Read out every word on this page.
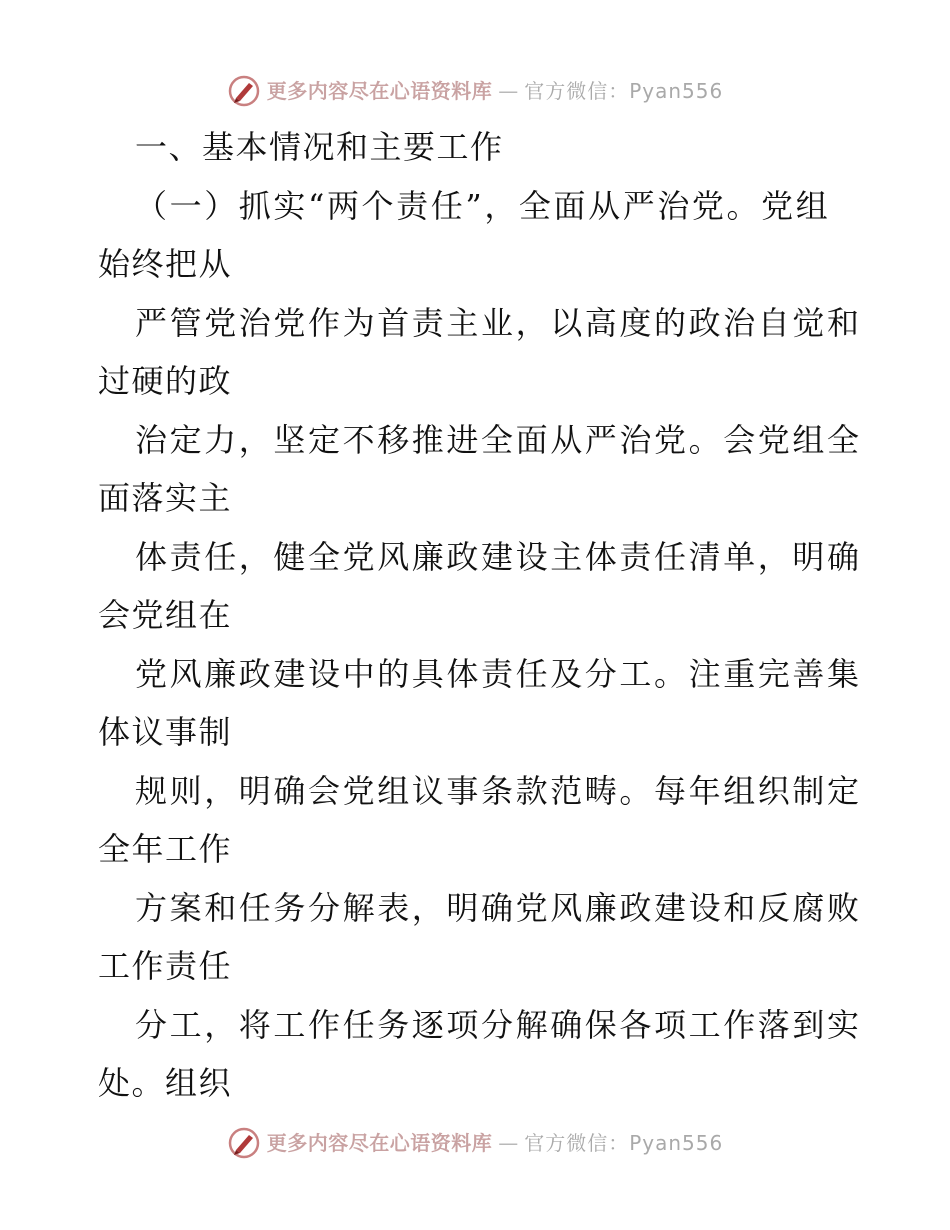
更多内容尽在心语资料库 — 官方微信：Pyan556
一、基本情况和主要工作
（一）抓实“两个责任”，全面从严治党。党组
始终把从
严管党治党作为首责主业，以高度的政治自觉和
过硬的政
治定力，坚定不移推进全面从严治党。会党组全
面落实主
体责任，健全党风廉政建设主体责任清单，明确
会党组在
党风廉政建设中的具体责任及分工。注重完善集
体议事制
规则，明确会党组议事条款范畴。每年组织制定
全年工作
方案和任务分解表，明确党风廉政建设和反腐败
工作责任
分工，将工作任务逐项分解确保各项工作落到实
处。组织
更多内容尽在心语资料库 — 官方微信：Pyan556
